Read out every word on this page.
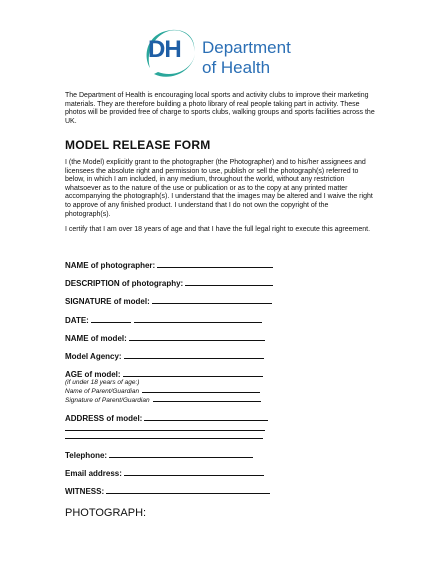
DH Department
of Health
The Department of Health is encouraging local sports and activity clubs to improve their marketing materials. They are therefore building a photo library of real people taking part in activity. These photos will be provided free of charge to sports clubs, walking groups and sports facilities across the UK.
MODEL RELEASE FORM
I (the Model) explicitly grant to the photographer (the Photographer) and to his/her assignees and licensees the absolute right and permission to use, publish or sell the photograph(s) referred to below, in which I am included, in any medium, throughout the world, without any restriction whatsoever as to the nature of the use or publication or as to the copy at any printed matter accompanying the photograph(s). I understand that the images may be altered and I waive the right to approve of any finished product. I understand that I do not own the copyright of the photograph(s).
I certify that I am over 18 years of age and that I have the full legal right to execute this agreement.
NAME of photographer:
DESCRIPTION of photography:
SIGNATURE of model:
DATE:
NAME of model:
Model Agency:
AGE of model:
(if under 18 years of age:)
Name of Parent/Guardian
Signature of Parent/Guardian
ADDRESS of model:
Telephone:
Email address:
WITNESS:
PHOTOGRAPH:
